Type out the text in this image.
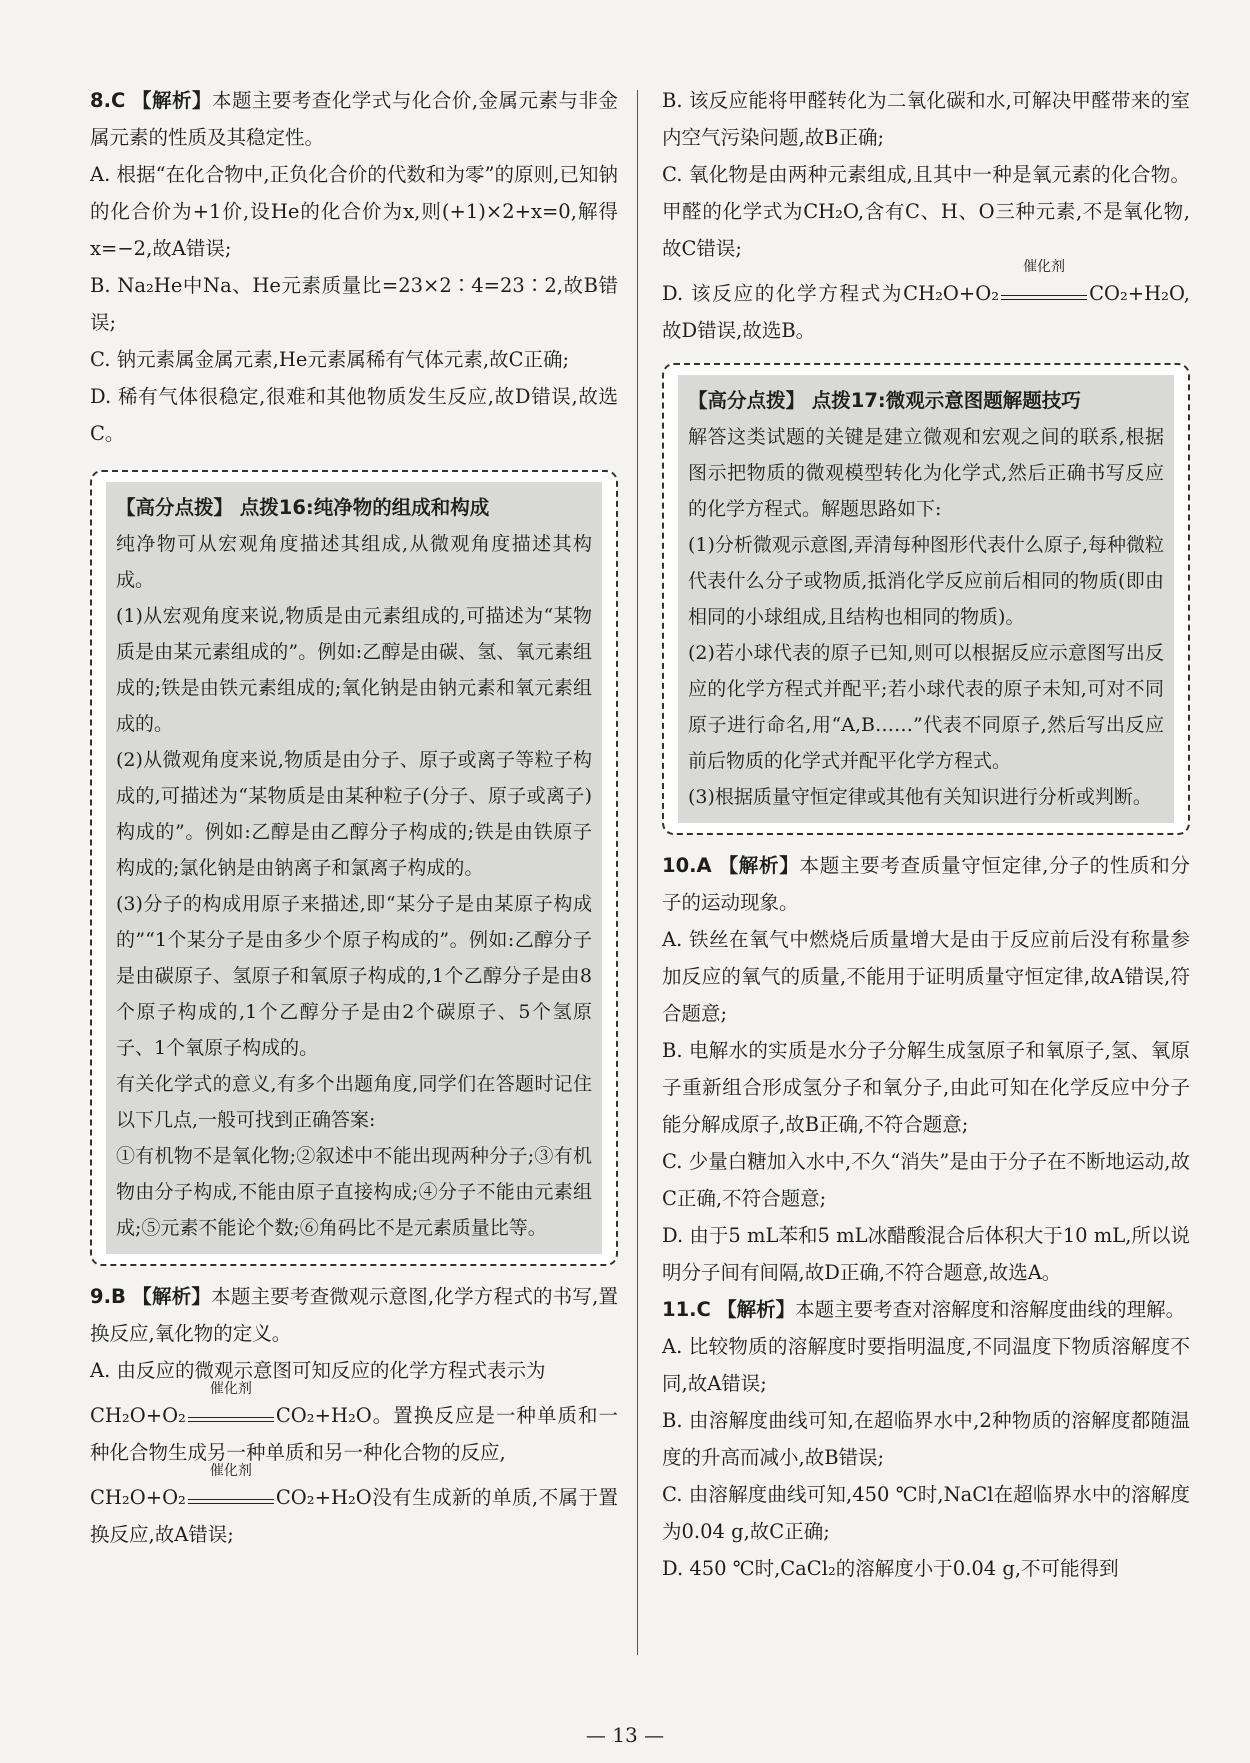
8.C 【解析】本题主要考查化学式与化合价,金属元素与非金属元素的性质及其稳定性。

A. 根据“在化合物中,正负化合价的代数和为零”的原则,已知钠的化合价为+1价,设He的化合价为x,则(+1)×2+x=0,解得x=−2,故A错误;

B. Na₂He中Na、He元素质量比=23×2∶4=23∶2,故B错误;

C. 钠元素属金属元素,He元素属稀有气体元素,故C正确;

D. 稀有气体很稳定,很难和其他物质发生反应,故D错误,故选C。

【高分点拨】 点拨16:纯净物的组成和构成

纯净物可从宏观角度描述其组成,从微观角度描述其构成。

(1)从宏观角度来说,物质是由元素组成的,可描述为“某物质是由某元素组成的”。例如:乙醇是由碳、氢、氧元素组成的;铁是由铁元素组成的;氧化钠是由钠元素和氧元素组成的。

(2)从微观角度来说,物质是由分子、原子或离子等粒子构成的,可描述为“某物质是由某种粒子(分子、原子或离子)构成的”。例如:乙醇是由乙醇分子构成的;铁是由铁原子构成的;氯化钠是由钠离子和氯离子构成的。

(3)分子的构成用原子来描述,即“某分子是由某原子构成的”“1个某分子是由多少个原子构成的”。例如:乙醇分子是由碳原子、氢原子和氧原子构成的,1个乙醇分子是由8个原子构成的,1个乙醇分子是由2个碳原子、5个氢原子、1个氧原子构成的。

有关化学式的意义,有多个出题角度,同学们在答题时记住以下几点,一般可找到正确答案:

①有机物不是氧化物;②叙述中不能出现两种分子;③有机物由分子构成,不能由原子直接构成;④分子不能由元素组成;⑤元素不能论个数;⑥角码比不是元素质量比等。

9.B 【解析】本题主要考查微观示意图,化学方程式的书写,置换反应,氧化物的定义。

A. 由反应的微观示意图可知反应的化学方程式表示为

CH₂O+O₂
催化剂
CO₂+H₂O。置换反应是一种单质和一种化合物生成另一种单质和另一种化合物的反应,

CH₂O+O₂
催化剂
CO₂+H₂O没有生成新的单质,不属于置换反应,故A错误;

B. 该反应能将甲醛转化为二氧化碳和水,可解决甲醛带来的室内空气污染问题,故B正确;

C. 氧化物是由两种元素组成,且其中一种是氧元素的化合物。甲醛的化学式为CH₂O,含有C、H、O三种元素,不是氧化物,故C错误;

D. 该反应的化学方程式为CH₂O+O₂
催化剂
CO₂+H₂O,故D错误,故选B。

【高分点拨】 点拨17:微观示意图题解题技巧

解答这类试题的关键是建立微观和宏观之间的联系,根据图示把物质的微观模型转化为化学式,然后正确书写反应的化学方程式。解题思路如下:

(1)分析微观示意图,弄清每种图形代表什么原子,每种微粒代表什么分子或物质,抵消化学反应前后相同的物质(即由相同的小球组成,且结构也相同的物质)。

(2)若小球代表的原子已知,则可以根据反应示意图写出反应的化学方程式并配平;若小球代表的原子未知,可对不同原子进行命名,用“A,B……”代表不同原子,然后写出反应前后物质的化学式并配平化学方程式。

(3)根据质量守恒定律或其他有关知识进行分析或判断。

10.A 【解析】本题主要考查质量守恒定律,分子的性质和分子的运动现象。

A. 铁丝在氧气中燃烧后质量增大是由于反应前后没有称量参加反应的氧气的质量,不能用于证明质量守恒定律,故A错误,符合题意;

B. 电解水的实质是水分子分解生成氢原子和氧原子,氢、氧原子重新组合形成氢分子和氧分子,由此可知在化学反应中分子能分解成原子,故B正确,不符合题意;

C. 少量白糖加入水中,不久“消失”是由于分子在不断地运动,故C正确,不符合题意;

D. 由于5 mL苯和5 mL冰醋酸混合后体积大于10 mL,所以说明分子间有间隔,故D正确,不符合题意,故选A。

11.C 【解析】本题主要考查对溶解度和溶解度曲线的理解。

A. 比较物质的溶解度时要指明温度,不同温度下物质溶解度不同,故A错误;

B. 由溶解度曲线可知,在超临界水中,2种物质的溶解度都随温度的升高而减小,故B错误;

C. 由溶解度曲线可知,450 ℃时,NaCl在超临界水中的溶解度为0.04 g,故C正确;

D. 450 ℃时,CaCl₂的溶解度小于0.04 g,不可能得到

— 13 —
